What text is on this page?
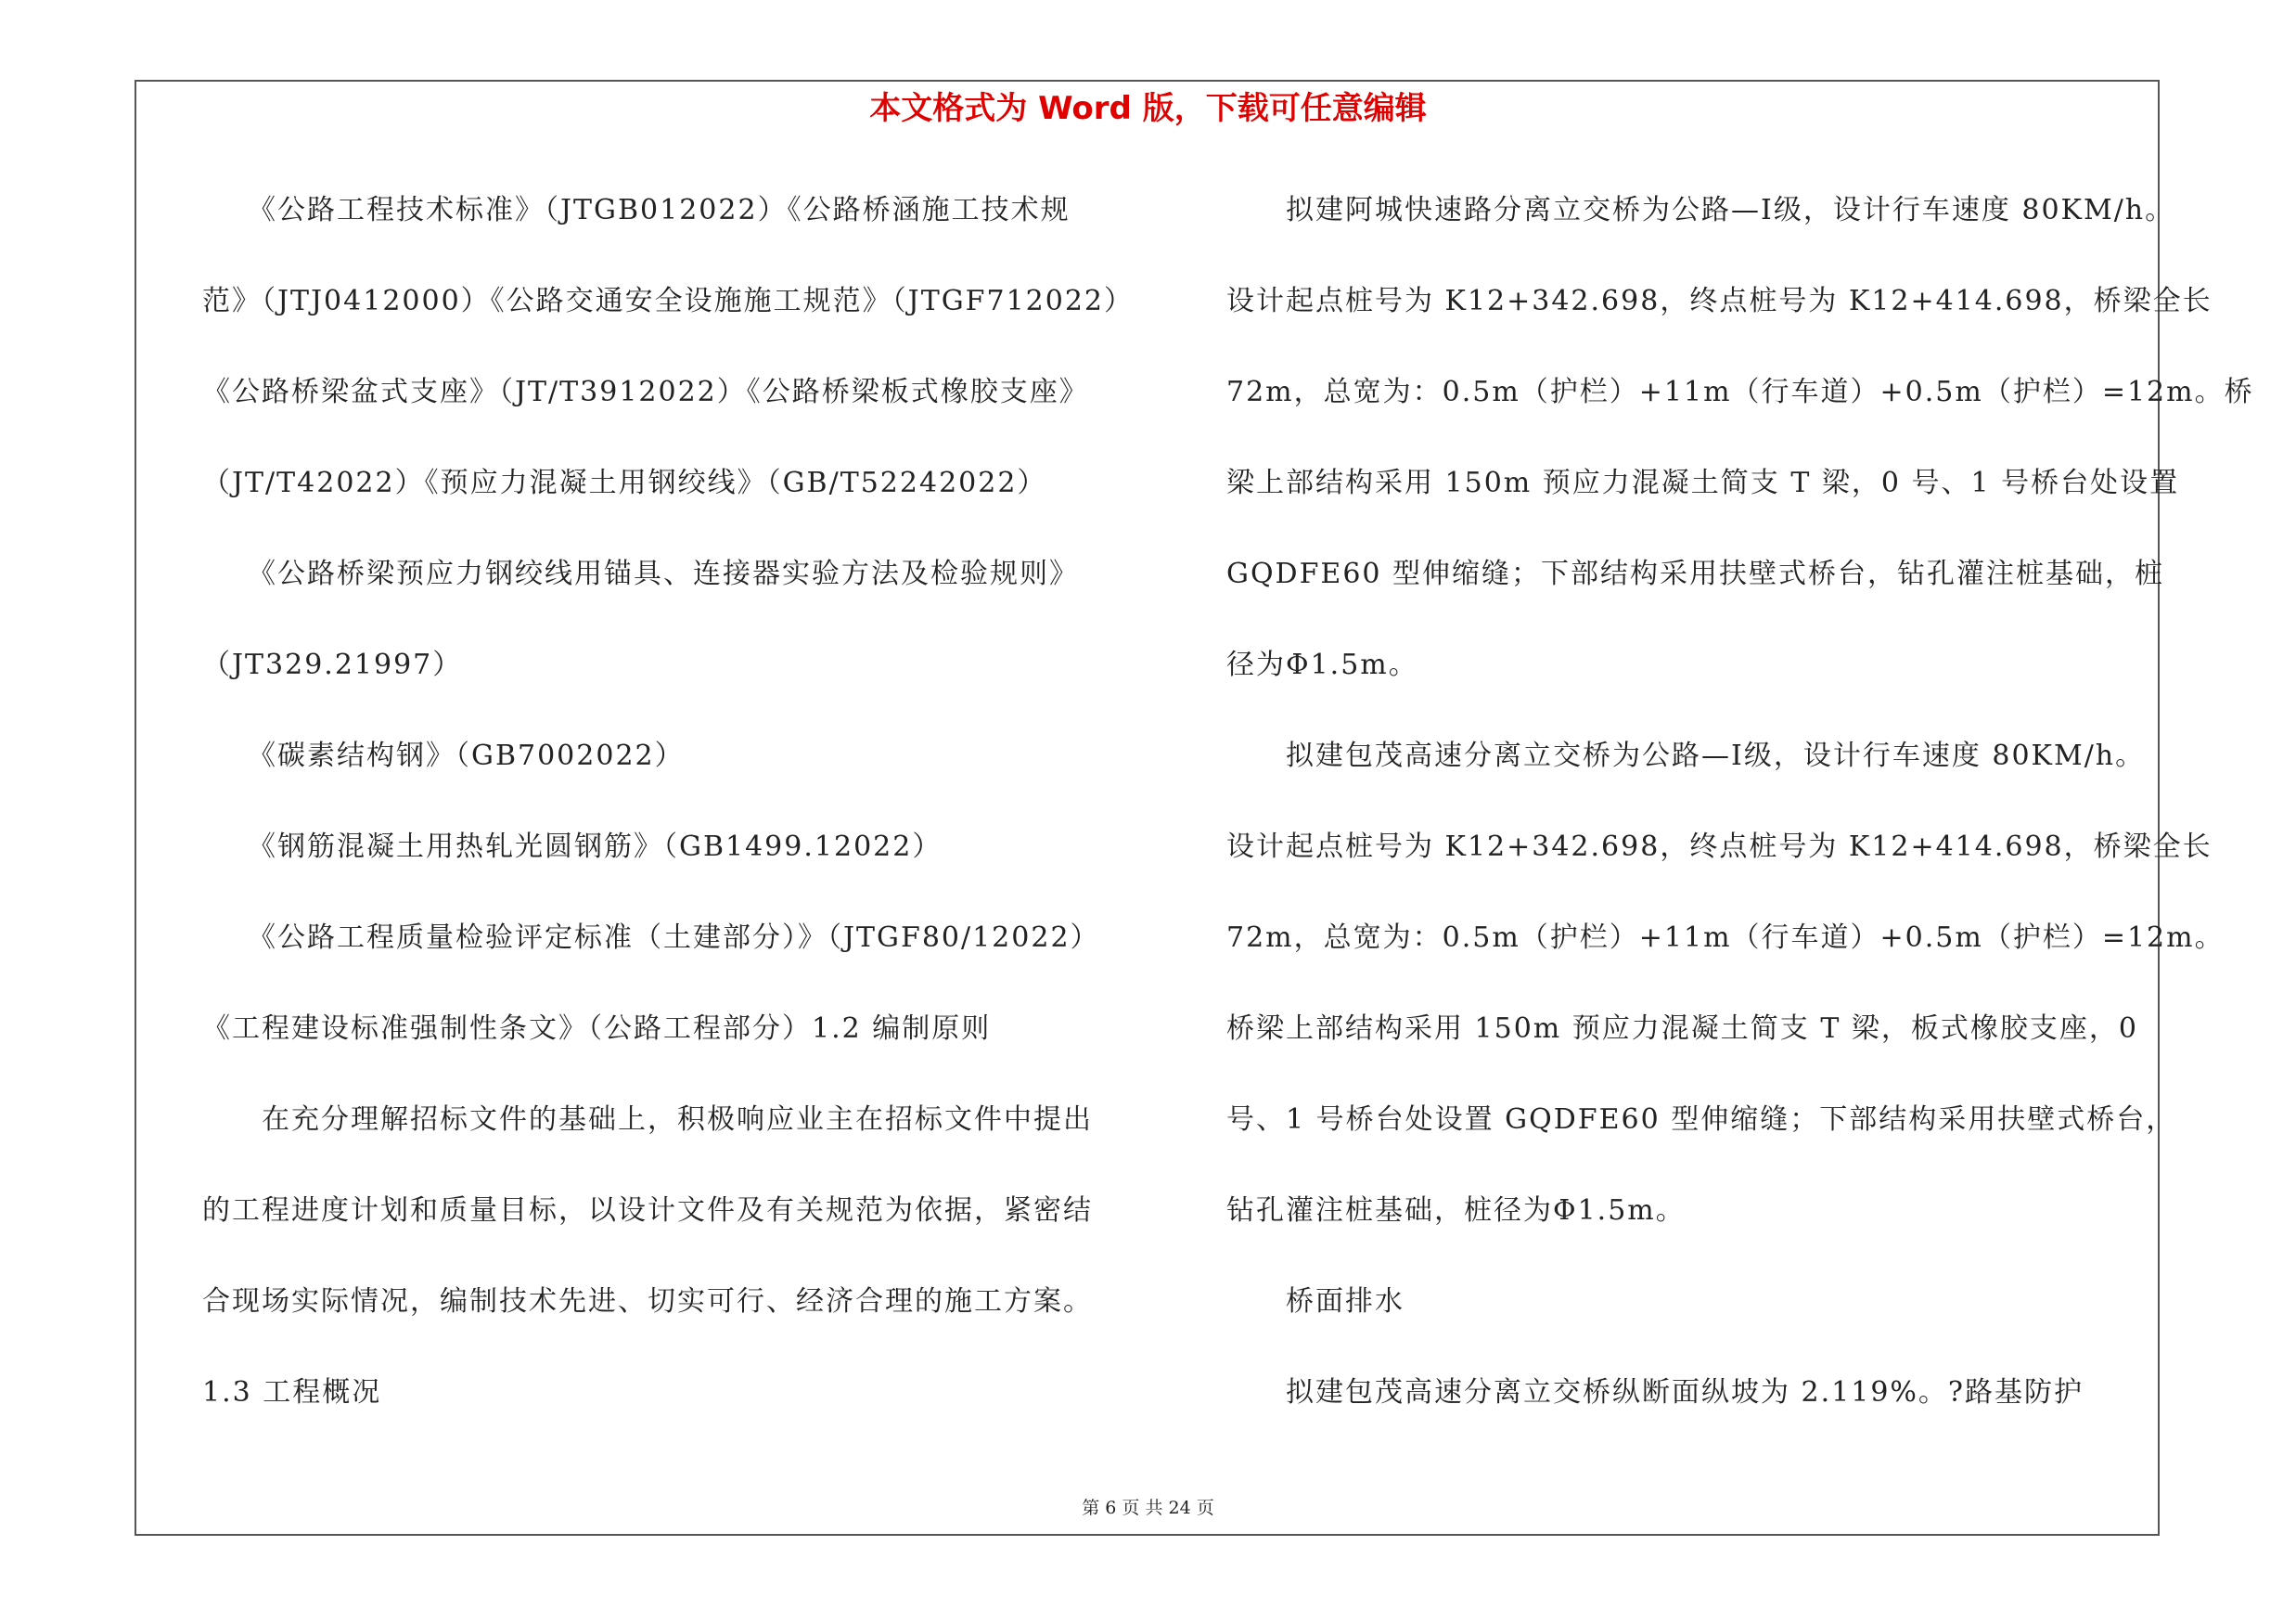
本文格式为 Word 版，下载可任意编辑
　　《公路工程技术标准》（JTGB012022）《公路桥涵施工技术规
范》（JTJ0412000）《公路交通安全设施施工规范》（JTGF712022）
《公路桥梁盆式支座》（JT/T3912022）《公路桥梁板式橡胶支座》
（JT/T42022）《预应力混凝土用钢绞线》（GB/T52242022）
　　《公路桥梁预应力钢绞线用锚具、连接器实验方法及检验规则》
（JT329.21997）
　　《碳素结构钢》（GB7002022）
　　《钢筋混凝土用热轧光圆钢筋》（GB1499.12022）
　　《公路工程质量检验评定标准（土建部分）》（JTGF80/12022）
《工程建设标准强制性条文》（公路工程部分）1.2 编制原则
　　在充分理解招标文件的基础上，积极响应业主在招标文件中提出
的工程进度计划和质量目标，以设计文件及有关规范为依据，紧密结
合现场实际情况，编制技术先进、切实可行、经济合理的施工方案。
1.3 工程概况
　　拟建阿城快速路分离立交桥为公路—Ⅰ级，设计行车速度 80KM/h。
设计起点桩号为 K12+342.698，终点桩号为 K12+414.698，桥梁全长
72m，总宽为：0.5m（护栏）+11m（行车道）+0.5m（护栏）=12m。桥
梁上部结构采用 150m 预应力混凝土简支 T 梁，0 号、1 号桥台处设置
GQDFE60 型伸缩缝；下部结构采用扶壁式桥台，钻孔灌注桩基础，桩
径为Φ1.5m。
　　拟建包茂高速分离立交桥为公路—Ⅰ级，设计行车速度 80KM/h。
设计起点桩号为 K12+342.698，终点桩号为 K12+414.698，桥梁全长
72m，总宽为：0.5m（护栏）+11m（行车道）+0.5m（护栏）=12m。
桥梁上部结构采用 150m 预应力混凝土简支 T 梁，板式橡胶支座，0
号、1 号桥台处设置 GQDFE60 型伸缩缝；下部结构采用扶壁式桥台，
钻孔灌注桩基础，桩径为Φ1.5m。
　　桥面排水
　　拟建包茂高速分离立交桥纵断面纵坡为 2.119%。?路基防护
第 6 页 共 24 页
